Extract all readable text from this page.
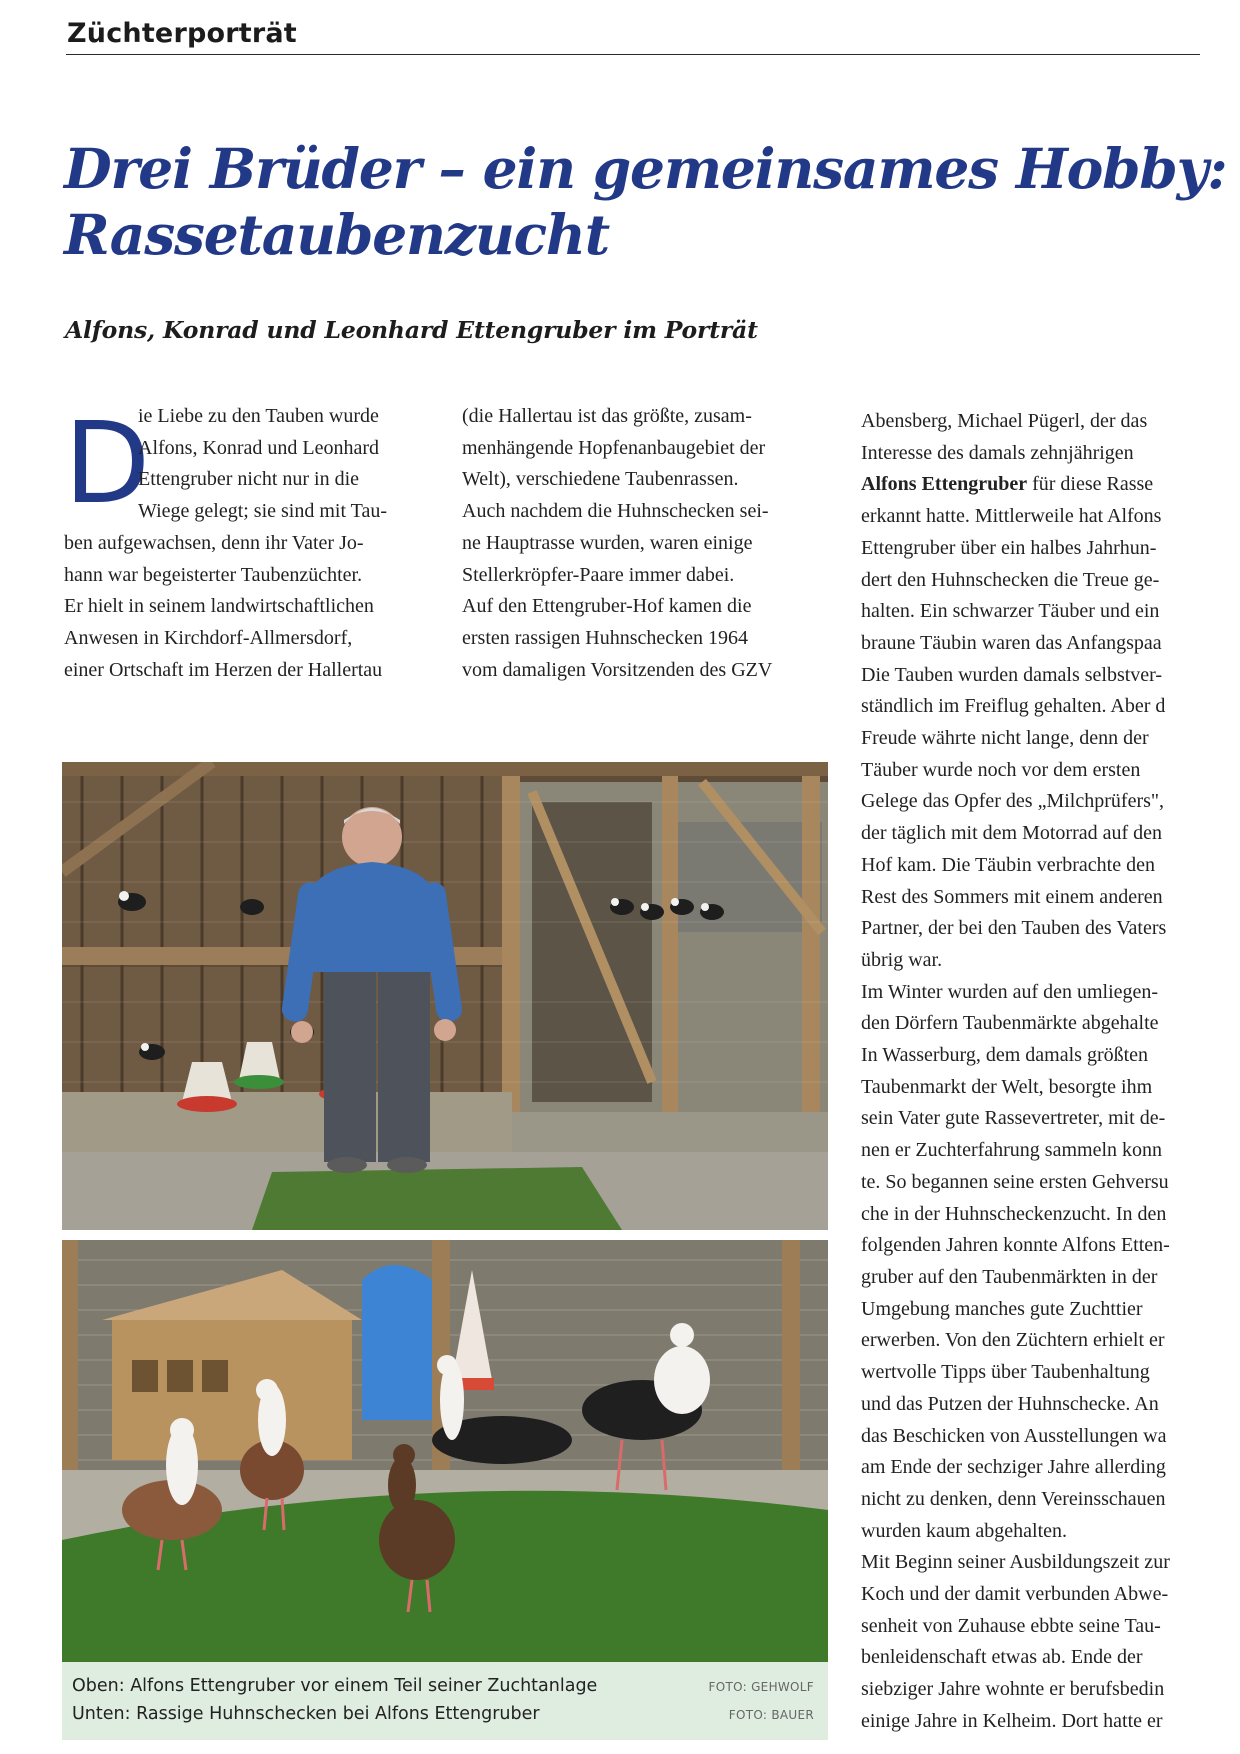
Züchterporträt
Drei Brüder – ein gemeinsames Hobby:
Rassetaubenzucht
Alfons, Konrad und Leonhard Ettengruber im Porträt
D
ie Liebe zu den Tauben wurde
Alfons, Konrad und Leonhard
Ettengruber nicht nur in die
Wiege gelegt; sie sind mit Tau-
ben aufgewachsen, denn ihr Vater Jo-
hann war begeisterter Taubenzüchter.
Er hielt in seinem landwirtschaftlichen
Anwesen in Kirchdorf-Allmersdorf,
einer Ortschaft im Herzen der Hallertau
(die Hallertau ist das größte, zusam-
menhängende Hopfenanbaugebiet der
Welt), verschiedene Taubenrassen.
Auch nachdem die Huhnschecken sei-
ne Hauptrasse wurden, waren einige
Stellerkröpfer-Paare immer dabei.
Auf den Ettengruber-Hof kamen die
ersten rassigen Huhnschecken 1964
vom damaligen Vorsitzenden des GZV
Abensberg, Michael Pügerl, der das
Interesse des damals zehnjährigen
Alfons Ettengruber für diese Rasse
erkannt hatte. Mittlerweile hat Alfons
Ettengruber über ein halbes Jahrhun-
dert den Huhnschecken die Treue ge-
halten. Ein schwarzer Täuber und ein
braune Täubin waren das Anfangspaa
Die Tauben wurden damals selbstver-
ständlich im Freiflug gehalten. Aber d
Freude währte nicht lange, denn der
Täuber wurde noch vor dem ersten
Gelege das Opfer des „Milchprüfers",
der täglich mit dem Motorrad auf den
Hof kam. Die Täubin verbrachte den
Rest des Sommers mit einem anderen
Partner, der bei den Tauben des Vaters
übrig war.
Im Winter wurden auf den umliegen-
den Dörfern Taubenmärkte abgehalte
In Wasserburg, dem damals größten
Taubenmarkt der Welt, besorgte ihm
sein Vater gute Rassevertreter, mit de-
nen er Zuchterfahrung sammeln konn
te. So begannen seine ersten Gehversu
che in der Huhnscheckenzucht. In den
folgenden Jahren konnte Alfons Etten-
gruber auf den Taubenmärkten in der
Umgebung manches gute Zuchttier
erwerben. Von den Züchtern erhielt er
wertvolle Tipps über Taubenhaltung
und das Putzen der Huhnschecke. An
das Beschicken von Ausstellungen wa
am Ende der sechziger Jahre allerding
nicht zu denken, denn Vereinsschauen
wurden kaum abgehalten.
Mit Beginn seiner Ausbildungszeit zur
Koch und der damit verbunden Abwe-
senheit von Zuhause ebbte seine Tau-
benleidenschaft etwas ab. Ende der
siebziger Jahre wohnte er berufsbedin
einige Jahre in Kelheim. Dort hatte er
Oben: Alfons Ettengruber vor einem Teil seiner Zuchtanlage
Unten: Rassige Huhnschecken bei Alfons Ettengruber
FOTO: GEHWOLF
FOTO: BAUER
